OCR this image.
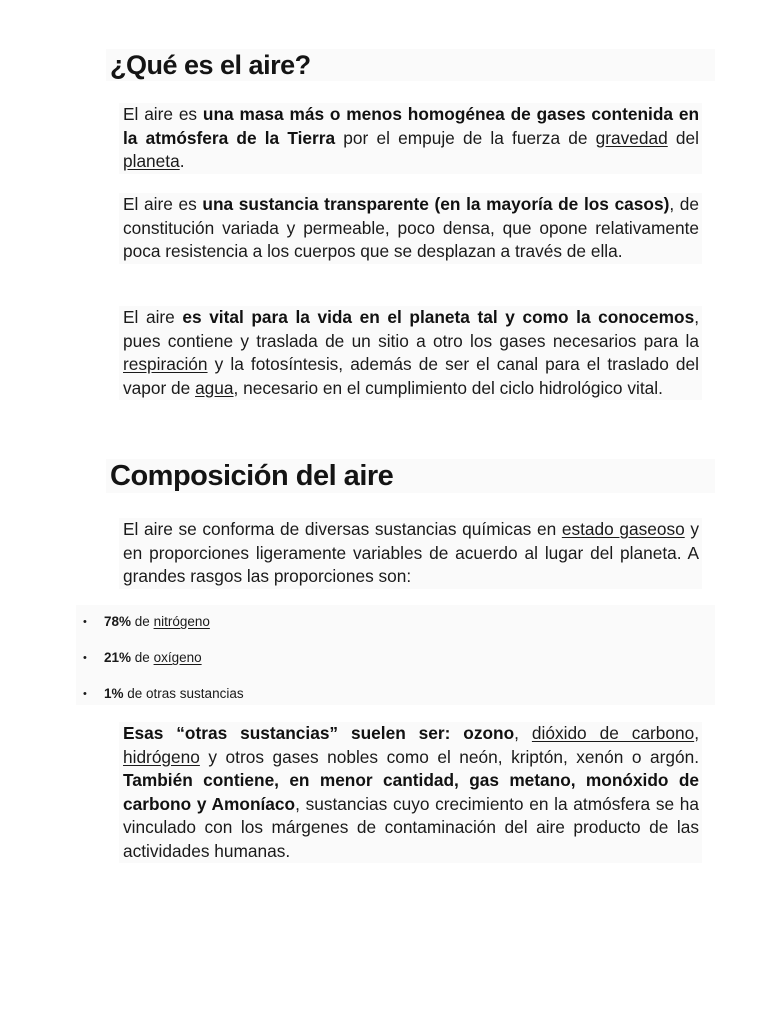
¿Qué es el aire?

El aire es una masa más o menos homogénea de gases contenida en la atmósfera de la Tierra por el empuje de la fuerza de gravedad del planeta.

El aire es una sustancia transparente (en la mayoría de los casos), de constitución variada y permeable, poco densa, que opone relativamente poca resistencia a los cuerpos que se desplazan a través de ella.

El aire es vital para la vida en el planeta tal y como la conocemos, pues contiene y traslada de un sitio a otro los gases necesarios para la respiración y la fotosíntesis, además de ser el canal para el traslado del vapor de agua, necesario en el cumplimiento del ciclo hidrológico vital.

Composición del aire

El aire se conforma de diversas sustancias químicas en estado gaseoso y en proporciones ligeramente variables de acuerdo al lugar del planeta. A grandes rasgos las proporciones son:

• 78% de nitrógeno
• 21% de oxígeno
• 1% de otras sustancias

Esas “otras sustancias” suelen ser: ozono, dióxido de carbono, hidrógeno y otros gases nobles como el neón, kriptón, xenón o argón. También contiene, en menor cantidad, gas metano, monóxido de carbono y Amoníaco, sustancias cuyo crecimiento en la atmósfera se ha vinculado con los márgenes de contaminación del aire producto de las actividades humanas.
